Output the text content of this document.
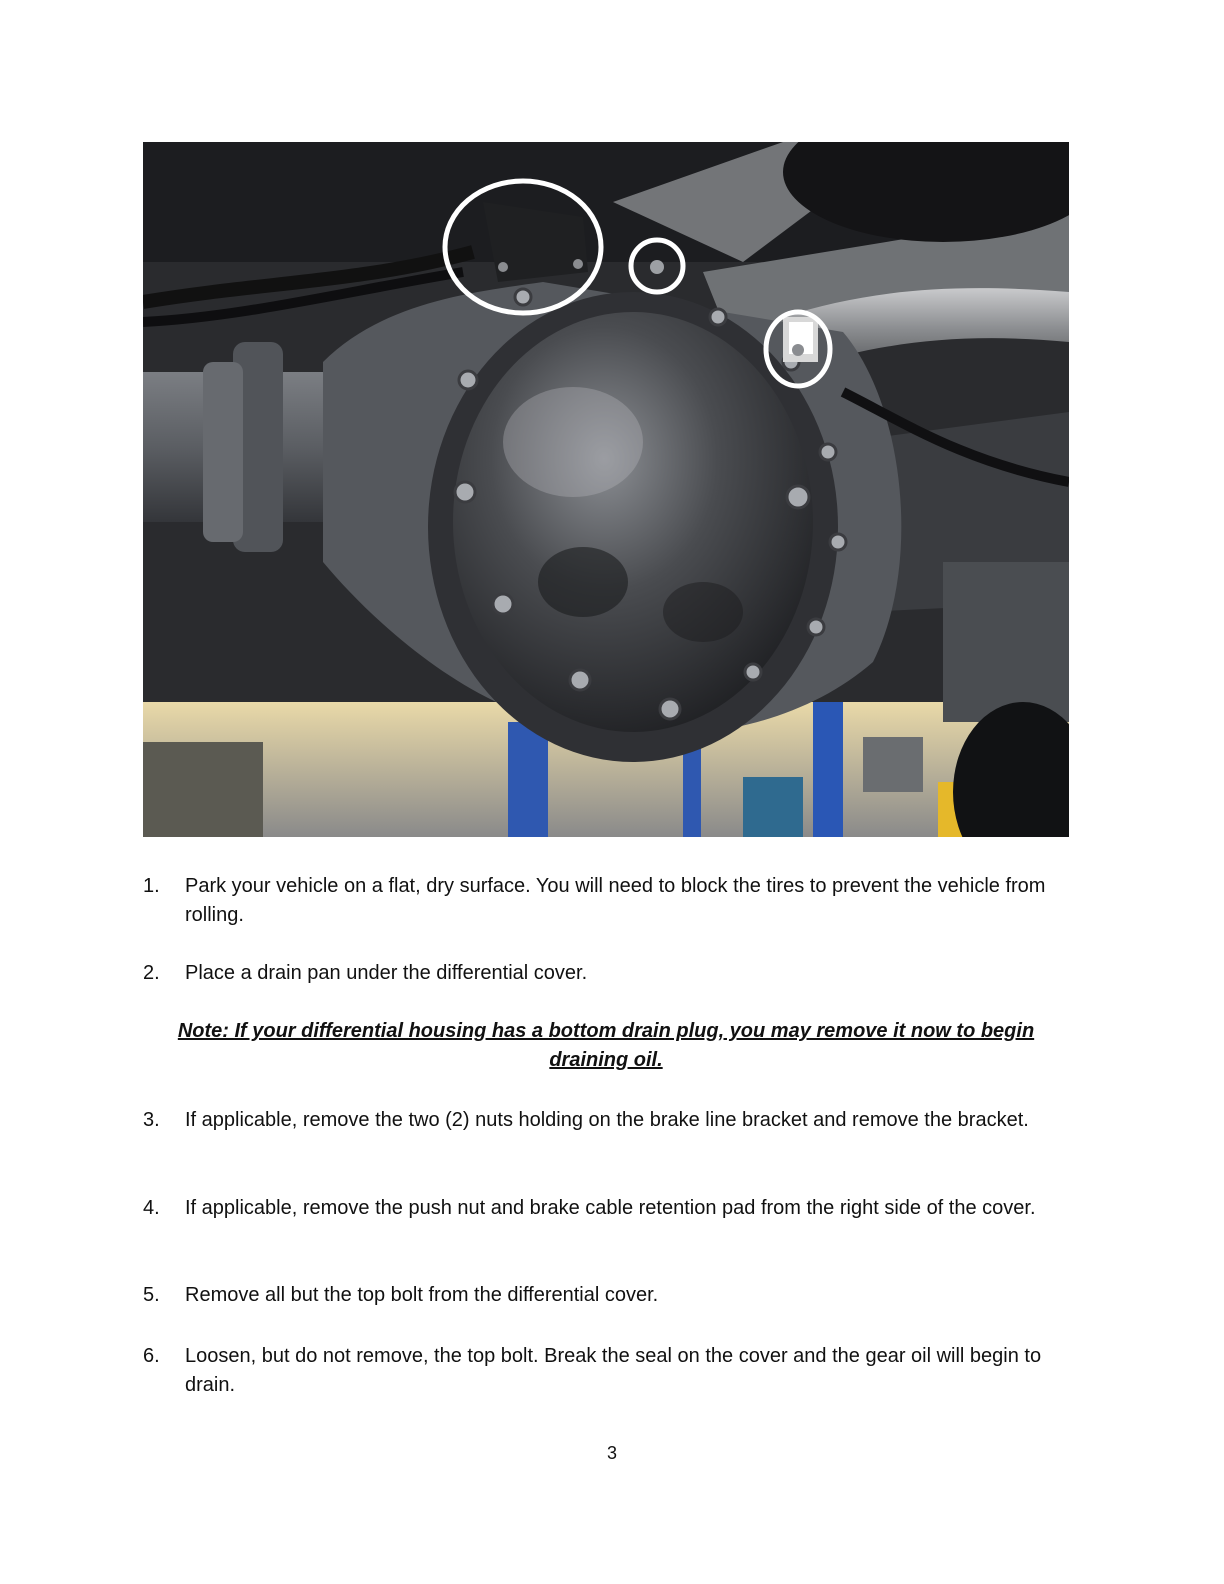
1.	Park your vehicle on a flat, dry surface. You will need to block the tires to prevent the vehicle from rolling.
2.	Place a drain pan under the differential cover.
3.	If applicable, remove the two (2) nuts holding on the brake line bracket and remove the bracket.
4.	If applicable, remove the push nut and brake cable retention pad from the right side of the cover.
5.	Remove all but the top bolt from the differential cover.
6.	Loosen, but do not remove, the top bolt. Break the seal on the cover and the gear oil will begin to drain.
Note: If your differential housing has a bottom drain plug, you may remove it now to begin draining oil.
3
